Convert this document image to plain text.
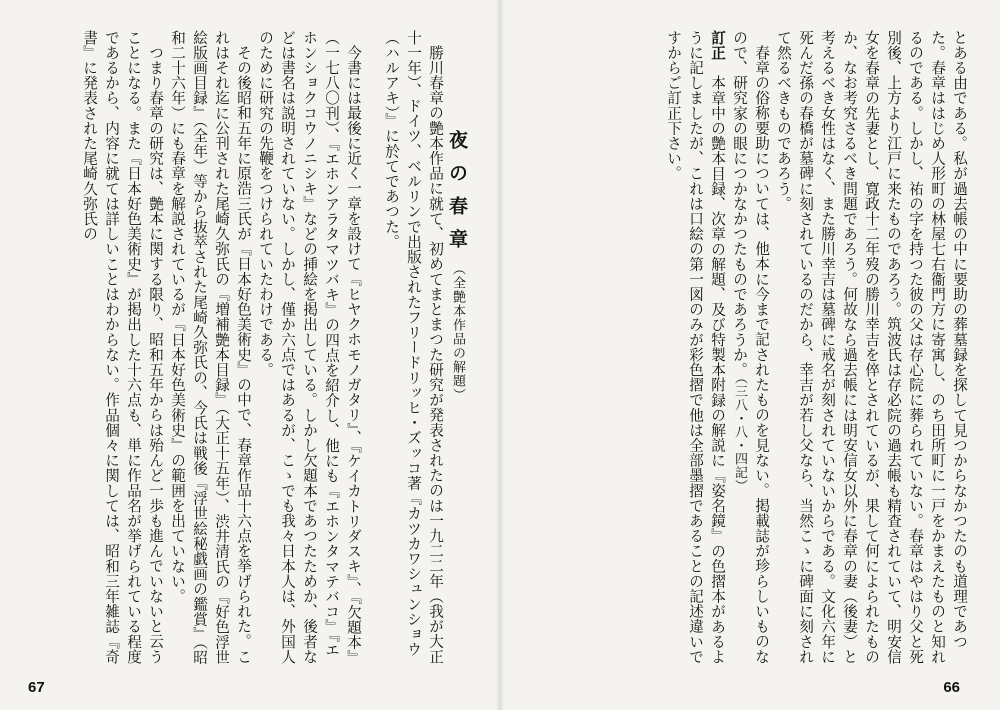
とある由である。私が過去帳の中に要助の葬墓録を探して見つからなかつたのも道理であつた。春章ははじめ人形町の林屋七右衞門方に寄寓し、のち田所町に一戸をかまえたものと知れるのである。しかし、祐の字を持つた彼の父は存心院に葬られていない。春章はやはり父と死別後、上方より江戸に来たものであろう。筑波氏は存必院の過去帳も精査されていて、明安信女を春章の先妻とし、寛政十二年歿の勝川幸吉を倅とされているが、果して何によられたものか、なお考究さるべき問題であろう。何故なら過去帳には明安信女以外に春章の妻（後妻）と考えるべき女性はなく、また勝川幸吉は墓碑に戒名が刻されていないからである。文化六年に死んだ孫の春橋が墓碑に刻されているのだから、幸吉が若し父なら、当然こゝに碑面に刻されて然るべきものであろう。

春章の俗称要助については、他本に今まで記されたものを見ない。掲載誌が珍らしいものなので、研究家の眼につかなかつたものであろうか。（三八・八・四記）

訂正　本章中の艶本目録、次章の解題、及び特製本附録の解説に『姿名鏡』の色摺本があるように記しましたが、これは口絵の第一図のみが彩色摺で他は全部墨摺であることの記述違いですからご訂正下さい。

66

夜の春章（全艶本作品の解題）

勝川春章の艶本作品に就て、初めてまとまつた研究が発表されたのは一九二二年（我が大正十一年）、ドイツ、ベルリンで出版されたフリードリッヒ・ズッコ著『カツカワシュンショウ（ハルアキ）』に於てであつた。

今書には最後に近く一章を設けて『ヒヤクホモノガタリ』、『ケイカトリダスキ』、『欠題本』（一七八〇刊）、『エホンアラタマツバキ』の四点を紹介し、他にも『エホンタマテバコ』『エホンショクコウノニシキ』などの挿絵を掲出している。しかし欠題本であつたためか、後者などは書名は説明されていない。しかし、僅か六点ではあるが、こゝでも我々日本人は、外国人のために研究の先鞭をつけられていたわけである。

その後昭和五年に原浩三氏が『日本好色美術史』の中で、春章作品十六点を挙げられた。これはそれ迄に公刊された尾崎久弥氏の『増補艶本目録』（大正十五年）、渋井清氏の『好色浮世絵版画目録』（全年）等から抜萃された尾崎久弥氏の、今氏は戦後『浮世絵秘戯画の鑑賞』（昭和二十六年）にも春章を解説されているが『日本好色美術史』の範囲を出ていない。

つまり春章の研究は、艶本に関する限り、昭和五年からは殆んど一歩も進んでいないと云うことになる。また『日本好色美術史』が掲出した十六点も、単に作品名が挙げられている程度であるから、内容に就ては詳しいことはわからない。作品個々に関しては、昭和三年雑誌『奇書』に発表された尾崎久弥氏の

67
